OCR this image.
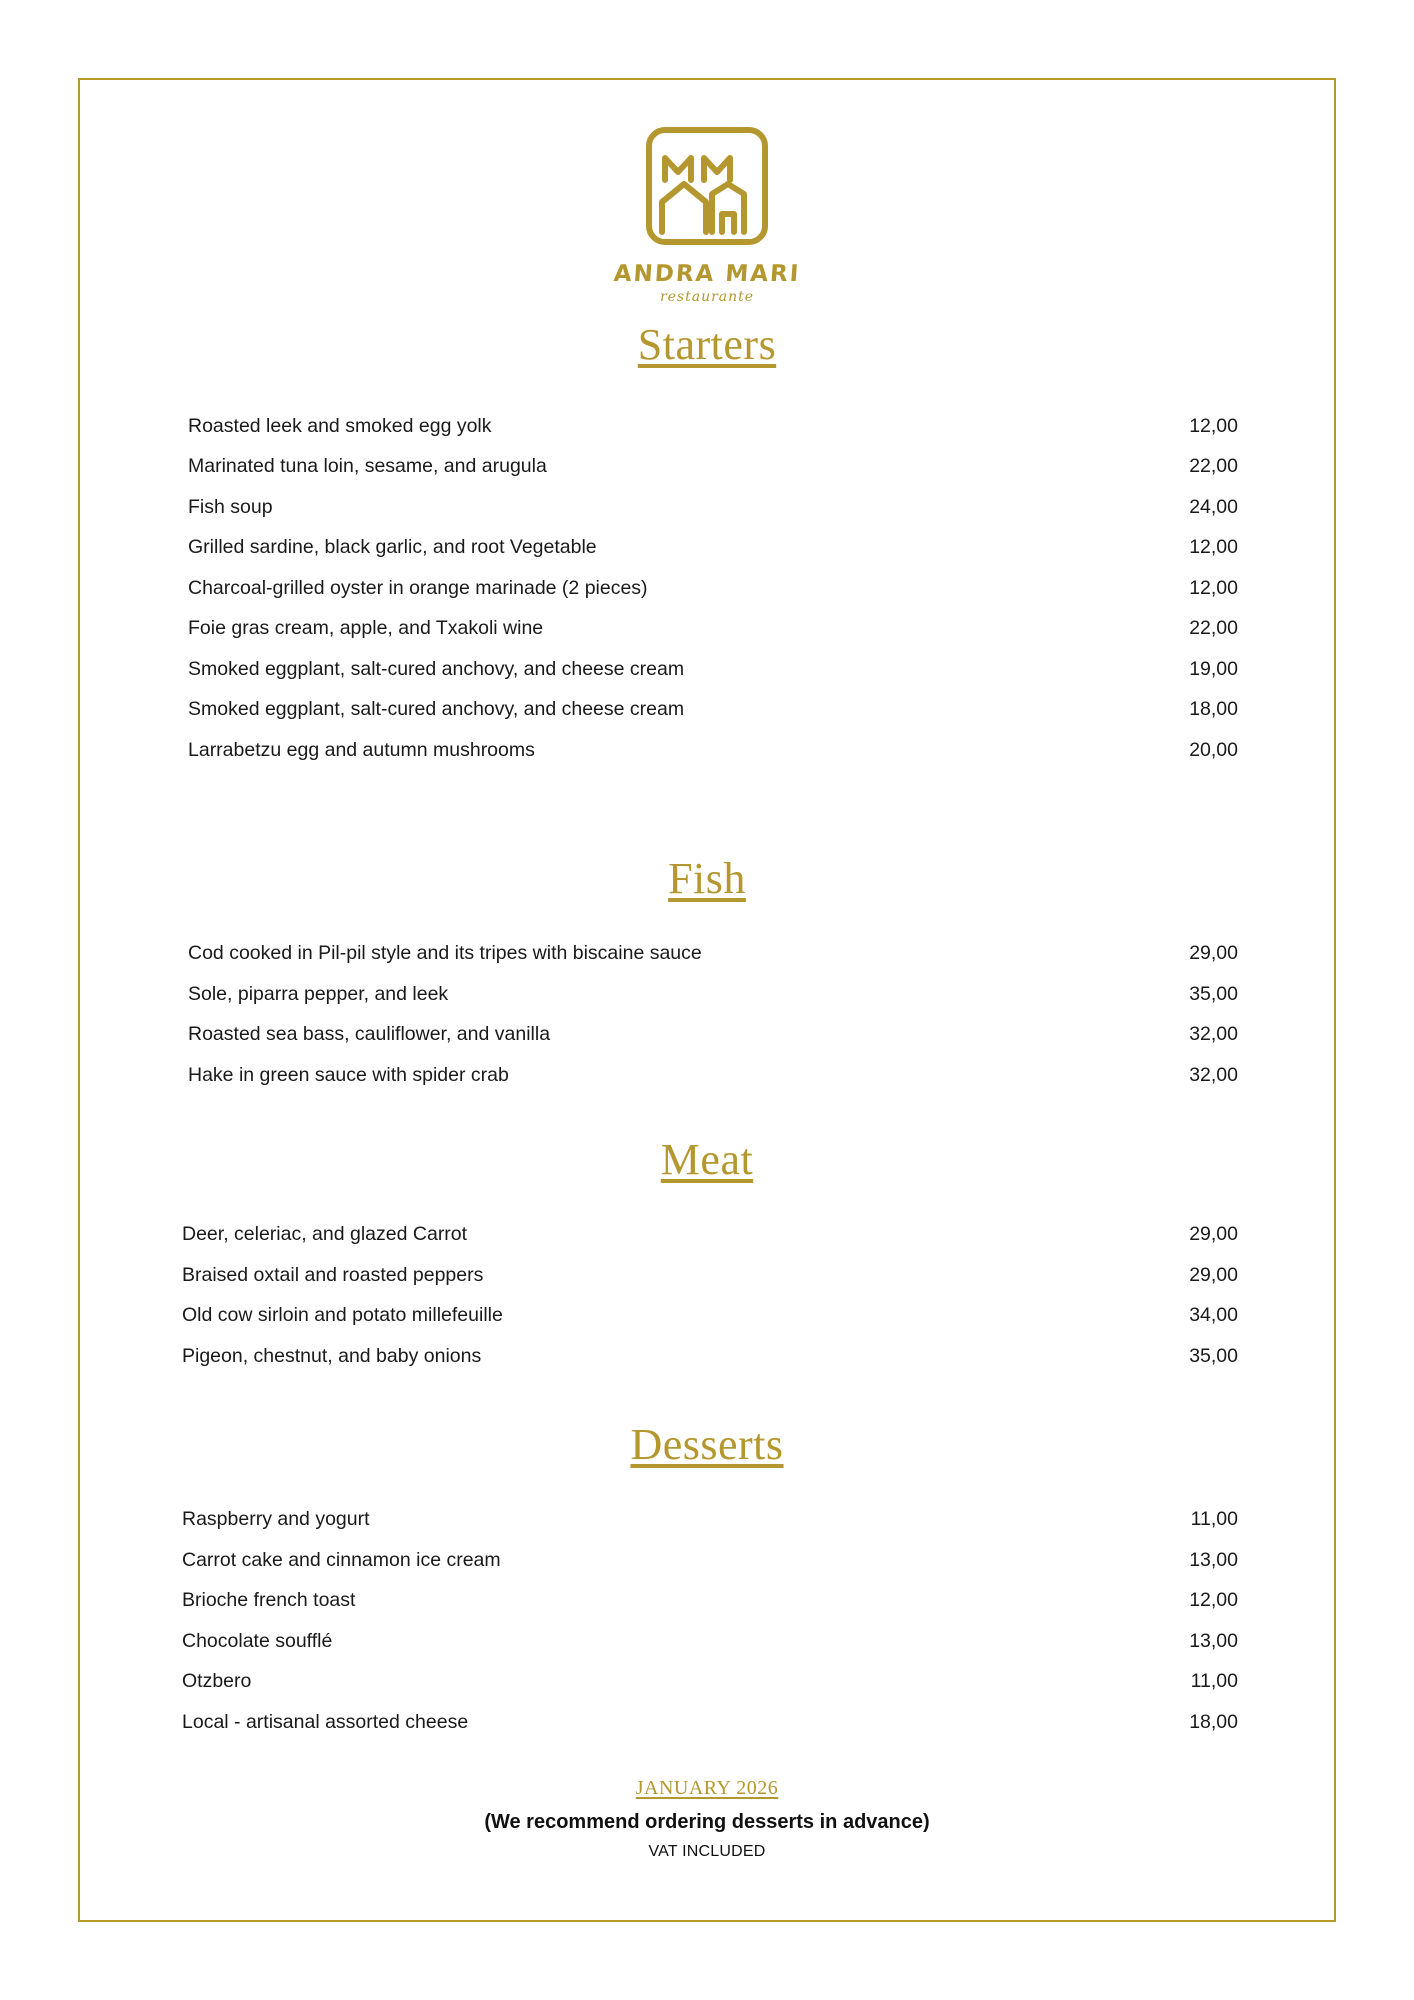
ANDRA MARI
restaurante
Starters
Roasted leek and smoked egg yolk	12,00
Marinated tuna loin, sesame, and arugula	22,00
Fish soup	24,00
Grilled sardine, black garlic, and root Vegetable	12,00
Charcoal-grilled oyster in orange marinade (2 pieces)	12,00
Foie gras cream, apple, and Txakoli wine	22,00
Smoked eggplant, salt-cured anchovy, and cheese cream	19,00
Smoked eggplant, salt-cured anchovy, and cheese cream	18,00
Larrabetzu egg and autumn mushrooms	20,00
Fish
Cod cooked in Pil-pil style and its tripes with biscaine sauce	29,00
Sole, piparra pepper, and leek	35,00
Roasted sea bass, cauliflower, and vanilla	32,00
Hake in green sauce with spider crab	32,00
Meat
Deer, celeriac, and glazed Carrot	29,00
Braised oxtail and roasted peppers	29,00
Old cow sirloin and potato millefeuille	34,00
Pigeon, chestnut, and baby onions	35,00
Desserts
Raspberry and yogurt	11,00
Carrot cake and cinnamon ice cream	13,00
Brioche french toast	12,00
Chocolate soufflé	13,00
Otzbero	11,00
Local - artisanal assorted cheese	18,00
JANUARY 2026
(We recommend ordering desserts in advance)
VAT INCLUDED
